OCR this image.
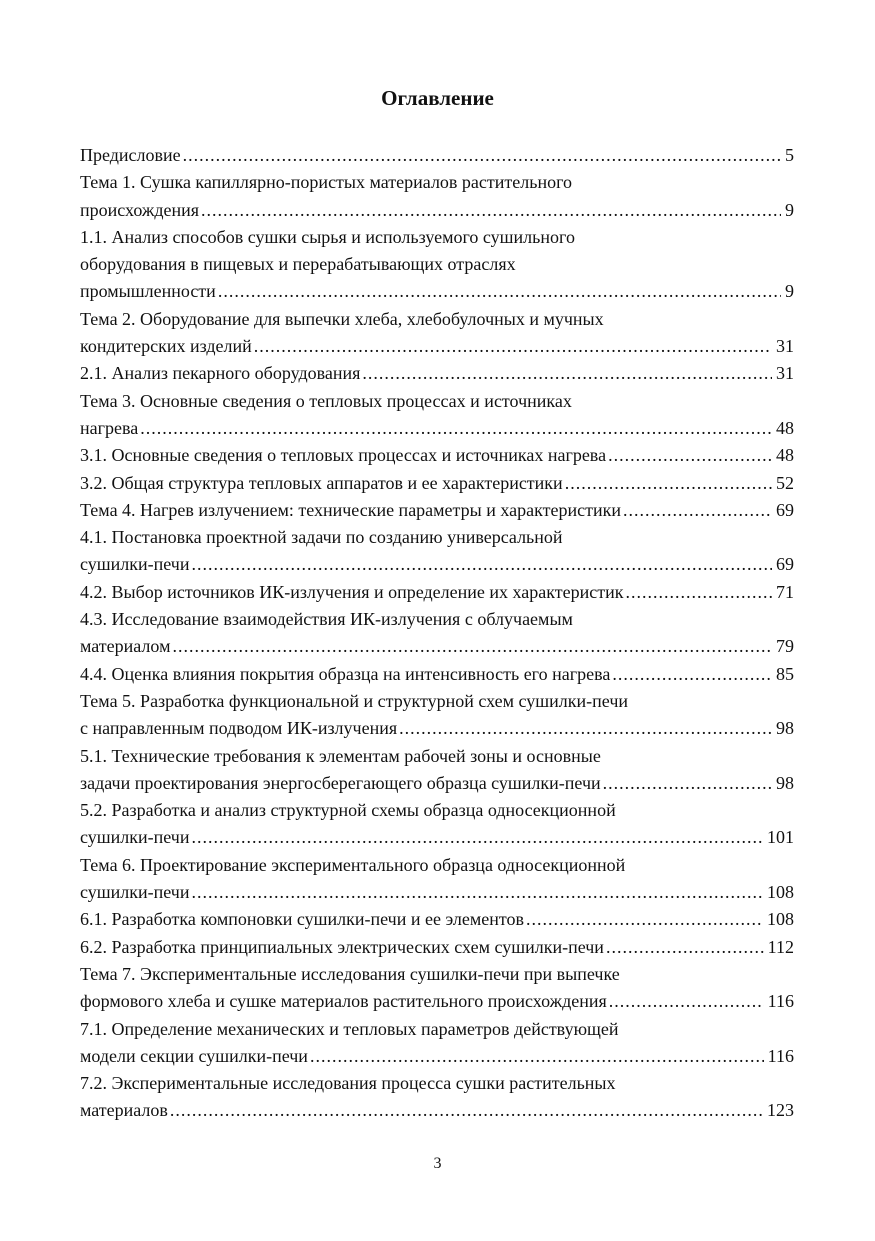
Оглавление
Предисловие .....	5
Тема 1. Сушка капиллярно-пористых материалов растительного
происхождения .....	9
1.1. Анализ способов сушки сырья и используемого сушильного
оборудования в пищевых и перерабатывающих отраслях
промышленности .....	9
Тема 2. Оборудование для выпечки хлеба, хлебобулочных и мучных
кондитерских изделий .....	31
2.1. Анализ пекарного оборудования .....	31
Тема 3. Основные сведения о тепловых процессах и источниках
нагрева .....	48
3.1. Основные сведения о тепловых процессах и источниках нагрева .....	48
3.2. Общая структура тепловых аппаратов и ее характеристики .....	52
Тема 4. Нагрев излучением: технические параметры и характеристики .....	69
4.1. Постановка проектной задачи по созданию универсальной
сушилки-печи .....	69
4.2. Выбор источников ИК-излучения и определение их характеристик .....	71
4.3. Исследование взаимодействия ИК-излучения с облучаемым
материалом .....	79
4.4. Оценка влияния покрытия образца на интенсивность его нагрева .....	85
Тема 5. Разработка функциональной и структурной схем сушилки-печи
с направленным подводом ИК-излучения .....	98
5.1. Технические требования к элементам рабочей зоны и основные
задачи проектирования энергосберегающего образца сушилки-печи .....	98
5.2. Разработка и анализ структурной схемы образца односекционной
сушилки-печи .....	101
Тема 6. Проектирование экспериментального образца односекционной
сушилки-печи .....	108
6.1. Разработка компоновки сушилки-печи и ее элементов .....	108
6.2. Разработка принципиальных электрических схем сушилки-печи .....	112
Тема 7. Экспериментальные исследования сушилки-печи при выпечке
формового хлеба и сушке материалов растительного происхождения .....	116
7.1. Определение механических и тепловых параметров действующей
модели секции сушилки-печи .....	116
7.2. Экспериментальные исследования процесса сушки растительных
материалов .....	123
3
